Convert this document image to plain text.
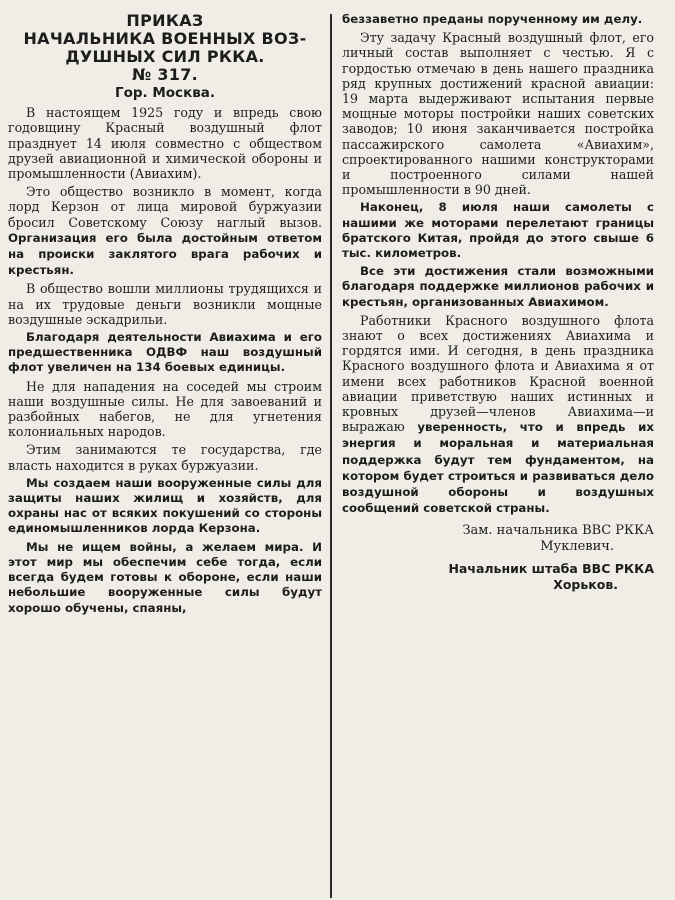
ПРИКАЗ
НАЧАЛЬНИКА ВОЕННЫХ ВОЗ-
ДУШНЫХ СИЛ РККА.
№ 317.
Гор. Москва.

В настоящем 1925 году и впредь свою годовщину Красный воздушный флот празднует 14 июля совместно с обществом друзей авиационной и химической обороны и промышленности (Авиахим).

Это общество возникло в момент, когда лорд Керзон от лица мировой буржуазии бросил Советскому Союзу наглый вызов. Организация его была достойным ответом на происки заклятого врага рабочих и крестьян.

В общество вошли миллионы трудящихся и на их трудовые деньги возникли мощные воздушные эскадрильи.

Благодаря деятельности Авиахима и его предшественника ОДВФ наш воздушный флот увеличен на 134 боевых единицы.

Не для нападения на соседей мы строим наши воздушные силы. Не для завоеваний и разбойных набегов, не для угнетения колониальных народов.

Этим занимаются те государства, где власть находится в руках буржуазии.

Мы создаем наши вооруженные силы для защиты наших жилищ и хозяйств, для охраны нас от всяких покушений со стороны единомышленников лорда Керзона.

Мы не ищем войны, а желаем мира. И этот мир мы обеспечим себе тогда, если всегда будем готовы к обороне, если наши небольшие вооруженные силы будут хорошо обучены, спаяны,

беззаветно преданы порученному им делу.

Эту задачу Красный воздушный флот, его личный состав выполняет с честью. Я с гордостью отмечаю в день нашего праздника ряд крупных достижений красной авиации: 19 марта выдерживают испытания первые мощные моторы постройки наших советских заводов; 10 июня заканчивается постройка пассажирского самолета «Авиахим», спроектированного нашими конструкторами и построенного силами нашей промышленности в 90 дней.

Наконец, 8 июля наши самолеты с нашими же моторами перелетают границы братского Китая, пройдя до этого свыше 6 тыс. километров.

Все эти достижения стали возможными благодаря поддержке миллионов рабочих и крестьян, организованных Авиахимом.

Работники Красного воздушного флота знают о всех достижениях Авиахима и гордятся ими. И сегодня, в день праздника Красного воздушного флота и Авиахима я от имени всех работников Красной военной авиации приветствую наших истинных и кровных друзей—членов Авиахима—и выражаю уверенность, что и впредь их энергия и моральная и материальная поддержка будут тем фундаментом, на котором будет строиться и развиваться дело воздушной обороны и воздушных сообщений советской страны.

Зам. начальника ВВС РККА
Муклевич.
Начальник штаба ВВС РККА
Хорьков.
